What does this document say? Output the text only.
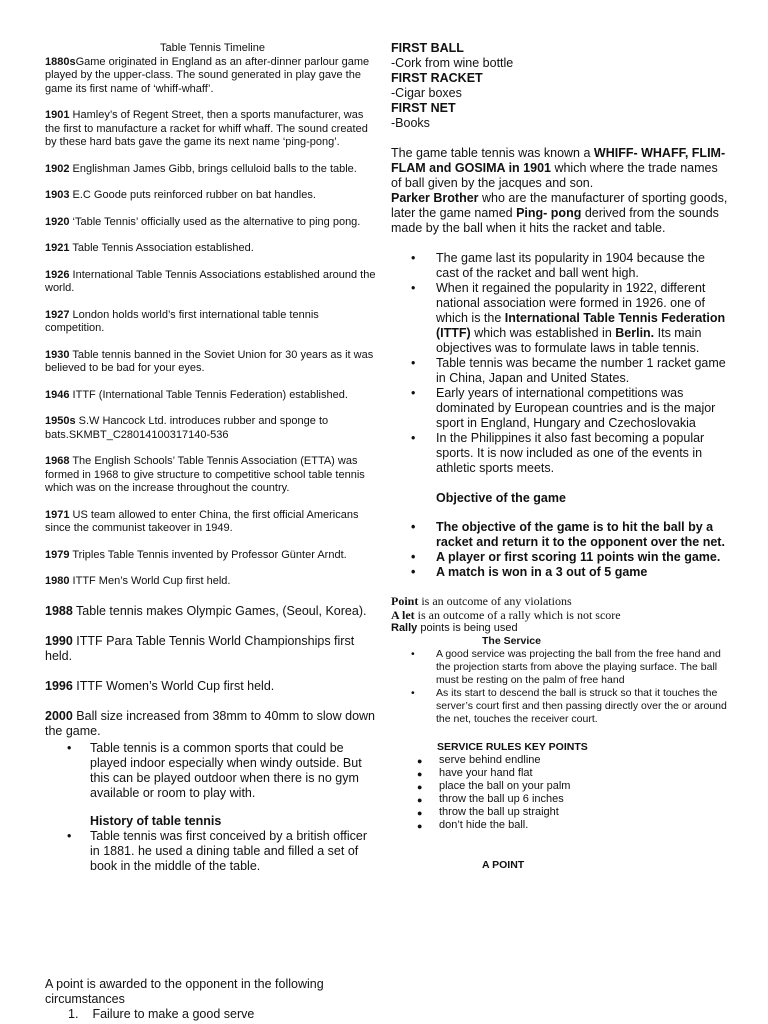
Table Tennis Timeline

1880sGame originated in England as an after-dinner parlour game played by the upper-class. The sound generated in play gave the game its first name of ‘whiff-whaff’.

1901 Hamley’s of Regent Street, then a sports manufacturer, was the first to manufacture a racket for whiff whaff. The sound created by these hard bats gave the game its next name ‘ping-pong’.

1902 Englishman James Gibb, brings celluloid balls to the table.

1903 E.C Goode puts reinforced rubber on bat handles.

1920 ‘Table Tennis’ officially used as the alternative to ping pong.

1921 Table Tennis Association established.

1926 International Table Tennis Associations established around the world.

1927 London holds world’s first international table tennis competition.

1930 Table tennis banned in the Soviet Union for 30 years as it was believed to be bad for your eyes.

1946 ITTF (International Table Tennis Federation) established.

1950s S.W Hancock Ltd. introduces rubber and sponge to bats.SKMBT_C28014100317140-536

1968 The English Schools’ Table Tennis Association (ETTA) was formed in 1968 to give structure to competitive school table tennis which was on the increase throughout the country.

1971 US team allowed to enter China, the first official Americans since the communist takeover in 1949.

1979 Triples Table Tennis invented by Professor Günter Arndt.

1980 ITTF Men’s World Cup first held.

1988 Table tennis makes Olympic Games, (Seoul, Korea).

1990 ITTF Para Table Tennis World Championships first held.

1996 ITTF Women’s World Cup first held.

2000 Ball size increased from 38mm to 40mm to slow down the game.

• Table tennis is a common sports that could be played indoor especially when windy outside. But this can be played outdoor when there is no gym available or room to play with.

History of table tennis

• Table tennis was first conceived by a british officer in 1881. he used a dining table and filled a set of book in the middle of the table.

A point is awarded to the opponent in the following circumstances

1. Failure to make a good serve

FIRST BALL

-Cork from wine bottle

FIRST RACKET

-Cigar boxes

FIRST NET

-Books

The game table tennis was known a WHIFF- WHAFF, FLIM-FLAM and GOSIMA in 1901 which where the trade names of ball given by the jacques and son.

Parker Brother who are the manufacturer of sporting goods, later the game named Ping- pong derived from the sounds made by the ball when it hits the racket and table.

• The game last its popularity in 1904 because the cast of the racket and ball went high.
• When it regained the popularity in 1922, different national association were formed in 1926. one of which is the International Table Tennis Federation (ITTF) which was established in Berlin. Its main objectives was to formulate laws in table tennis.
• Table tennis was became the number 1 racket game in China, Japan and United States.
• Early years of international competitions was dominated by European countries and is the major sport in England, Hungary and Czechoslovakia
• In the Philippines it also fast becoming a popular sports. It is now included as one of the events in athletic sports meets.

Objective of the game

• The objective of the game is to hit the ball by a racket and return it to the opponent over the net.
• A player or first scoring 11 points win the game.
• A match is won in a 3 out of 5 game

Point is an outcome of any violations

A let is an outcome of a rally which is not score

Rally points is being used

The Service

• A good service was projecting the ball from the free hand and the projection starts from above the playing surface. The ball must be resting on the palm of free hand
• As its start to descend the ball is struck so that it touches the server’s court first and then passing directly over the or around the net, touches the receiver court.

SERVICE RULES KEY POINTS

● serve behind endline
● have your hand flat
● place the ball on your palm
● throw the ball up 6 inches
● throw the ball up straight
● don’t hide the ball.

A POINT
